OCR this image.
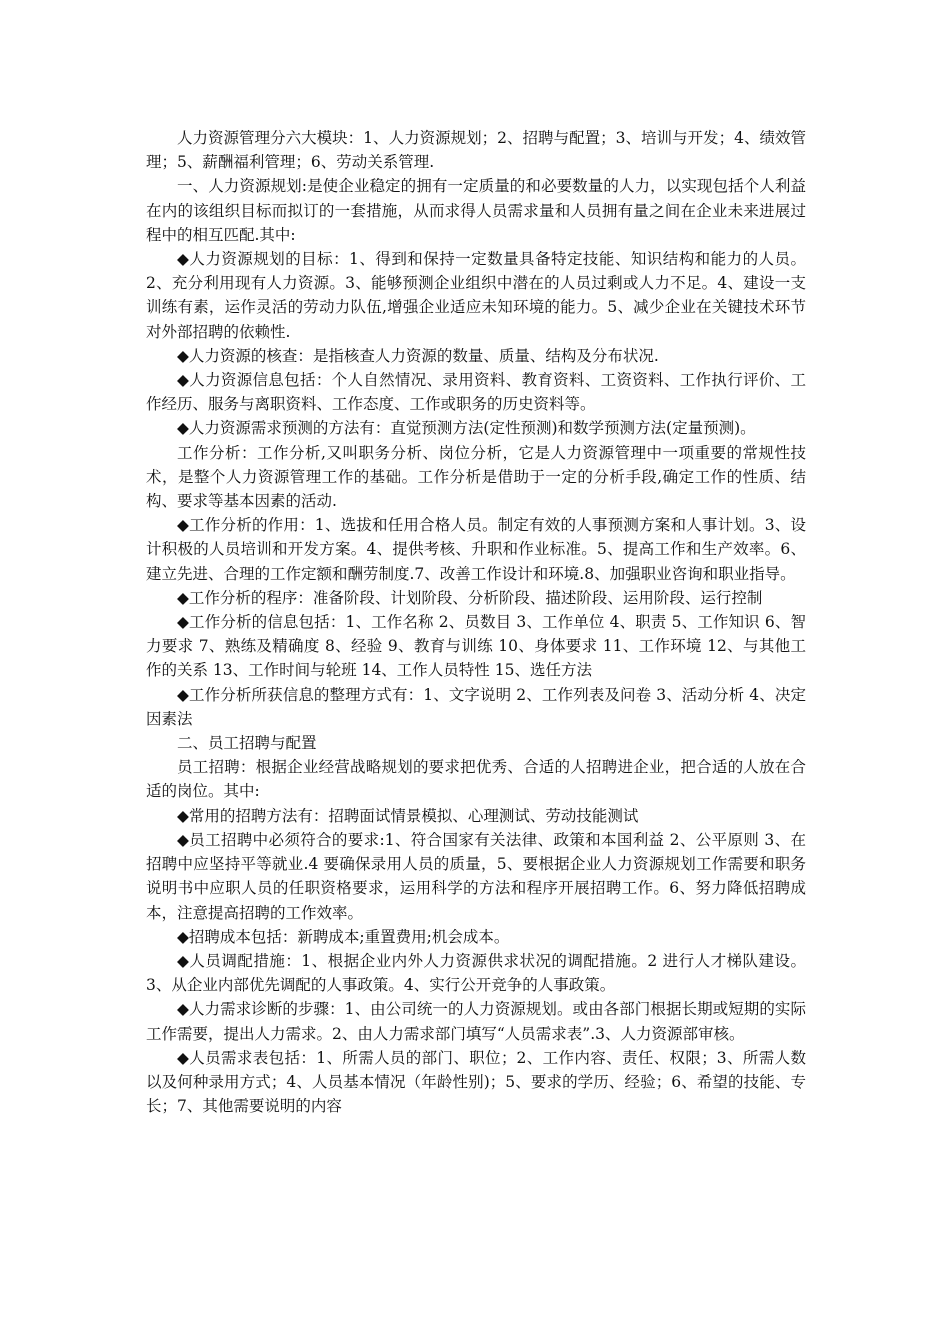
人力资源管理分六大模块：1、人力资源规划；2、招聘与配置；3、培训与开发；4、绩效管理；5、薪酬福利管理；6、劳动关系管理.

一、人力资源规划:是使企业稳定的拥有一定质量的和必要数量的人力，以实现包括个人利益在内的该组织目标而拟订的一套措施，从而求得人员需求量和人员拥有量之间在企业未来进展过程中的相互匹配.其中:

◆人力资源规划的目标：1、得到和保持一定数量具备特定技能、知识结构和能力的人员。2、充分利用现有人力资源。3、能够预测企业组织中潜在的人员过剩或人力不足。4、建设一支训练有素，运作灵活的劳动力队伍,增强企业适应未知环境的能力。5、减少企业在关键技术环节对外部招聘的依赖性.

◆人力资源的核查：是指核查人力资源的数量、质量、结构及分布状况.

◆人力资源信息包括：个人自然情况、录用资料、教育资料、工资资料、工作执行评价、工作经历、服务与离职资料、工作态度、工作或职务的历史资料等。

◆人力资源需求预测的方法有：直觉预测方法(定性预测)和数学预测方法(定量预测)。

工作分析：工作分析,又叫职务分析、岗位分析，它是人力资源管理中一项重要的常规性技术，是整个人力资源管理工作的基础。工作分析是借助于一定的分析手段,确定工作的性质、结构、要求等基本因素的活动.

◆工作分析的作用：1、选拔和任用合格人员。制定有效的人事预测方案和人事计划。3、设计积极的人员培训和开发方案。4、提供考核、升职和作业标准。5、提高工作和生产效率。6、建立先进、合理的工作定额和酬劳制度.7、改善工作设计和环境.8、加强职业咨询和职业指导。

◆工作分析的程序：准备阶段、计划阶段、分析阶段、描述阶段、运用阶段、运行控制

◆工作分析的信息包括：1、工作名称 2、员数目 3、工作单位 4、职责 5、工作知识 6、智力要求 7、熟练及精确度 8、经验 9、教育与训练 10、身体要求 11、工作环境 12、与其他工作的关系 13、工作时间与轮班 14、工作人员特性 15、选任方法

◆工作分析所获信息的整理方式有：1、文字说明 2、工作列表及问卷 3、活动分析 4、决定因素法

二、员工招聘与配置

员工招聘：根据企业经营战略规划的要求把优秀、合适的人招聘进企业，把合适的人放在合适的岗位。其中:

◆常用的招聘方法有：招聘面试情景模拟、心理测试、劳动技能测试

◆员工招聘中必须符合的要求:1、符合国家有关法律、政策和本国利益 2、公平原则 3、在招聘中应坚持平等就业.4 要确保录用人员的质量，5、要根据企业人力资源规划工作需要和职务说明书中应职人员的任职资格要求，运用科学的方法和程序开展招聘工作。6、努力降低招聘成本，注意提高招聘的工作效率。

◆招聘成本包括：新聘成本;重置费用;机会成本。

◆人员调配措施：1、根据企业内外人力资源供求状况的调配措施。2 进行人才梯队建设。3、从企业内部优先调配的人事政策。4、实行公开竞争的人事政策。

◆人力需求诊断的步骤：1、由公司统一的人力资源规划。或由各部门根据长期或短期的实际工作需要，提出人力需求。2、由人力需求部门填写“人员需求表”.3、人力资源部审核。

◆人员需求表包括：1、所需人员的部门、职位；2、工作内容、责任、权限；3、所需人数以及何种录用方式；4、人员基本情况（年龄性别)；5、要求的学历、经验；6、希望的技能、专长；7、其他需要说明的内容
